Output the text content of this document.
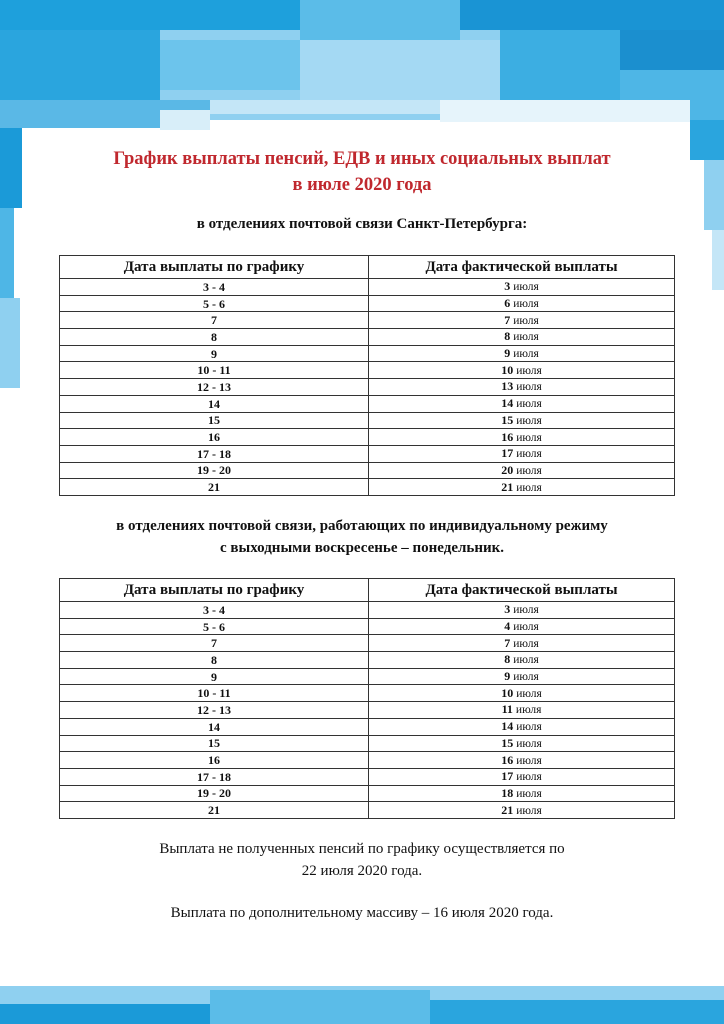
График выплаты пенсий, ЕДВ и иных социальных выплат
в июле 2020 года
в отделениях почтовой связи Санкт-Петербурга:
Дата выплаты по графику	Дата фактической выплаты
3 - 4	3 июля
5 - 6	6 июля
7	7 июля
8	8 июля
9	9 июля
10 - 11	10 июля
12 - 13	13 июля
14	14 июля
15	15 июля
16	16 июля
17 - 18	17 июля
19 - 20	20 июля
21	21 июля
в отделениях почтовой связи, работающих по индивидуальному режиму
с выходными воскресенье – понедельник.
Дата выплаты по графику	Дата фактической выплаты
3 - 4	3 июля
5 - 6	4 июля
7	7 июля
8	8 июля
9	9 июля
10 - 11	10 июля
12 - 13	11 июля
14	14 июля
15	15 июля
16	16 июля
17 - 18	17 июля
19 - 20	18 июля
21	21 июля
Выплата не полученных пенсий по графику осуществляется по
22 июля 2020 года.
Выплата по дополнительному массиву – 16 июля 2020 года.
